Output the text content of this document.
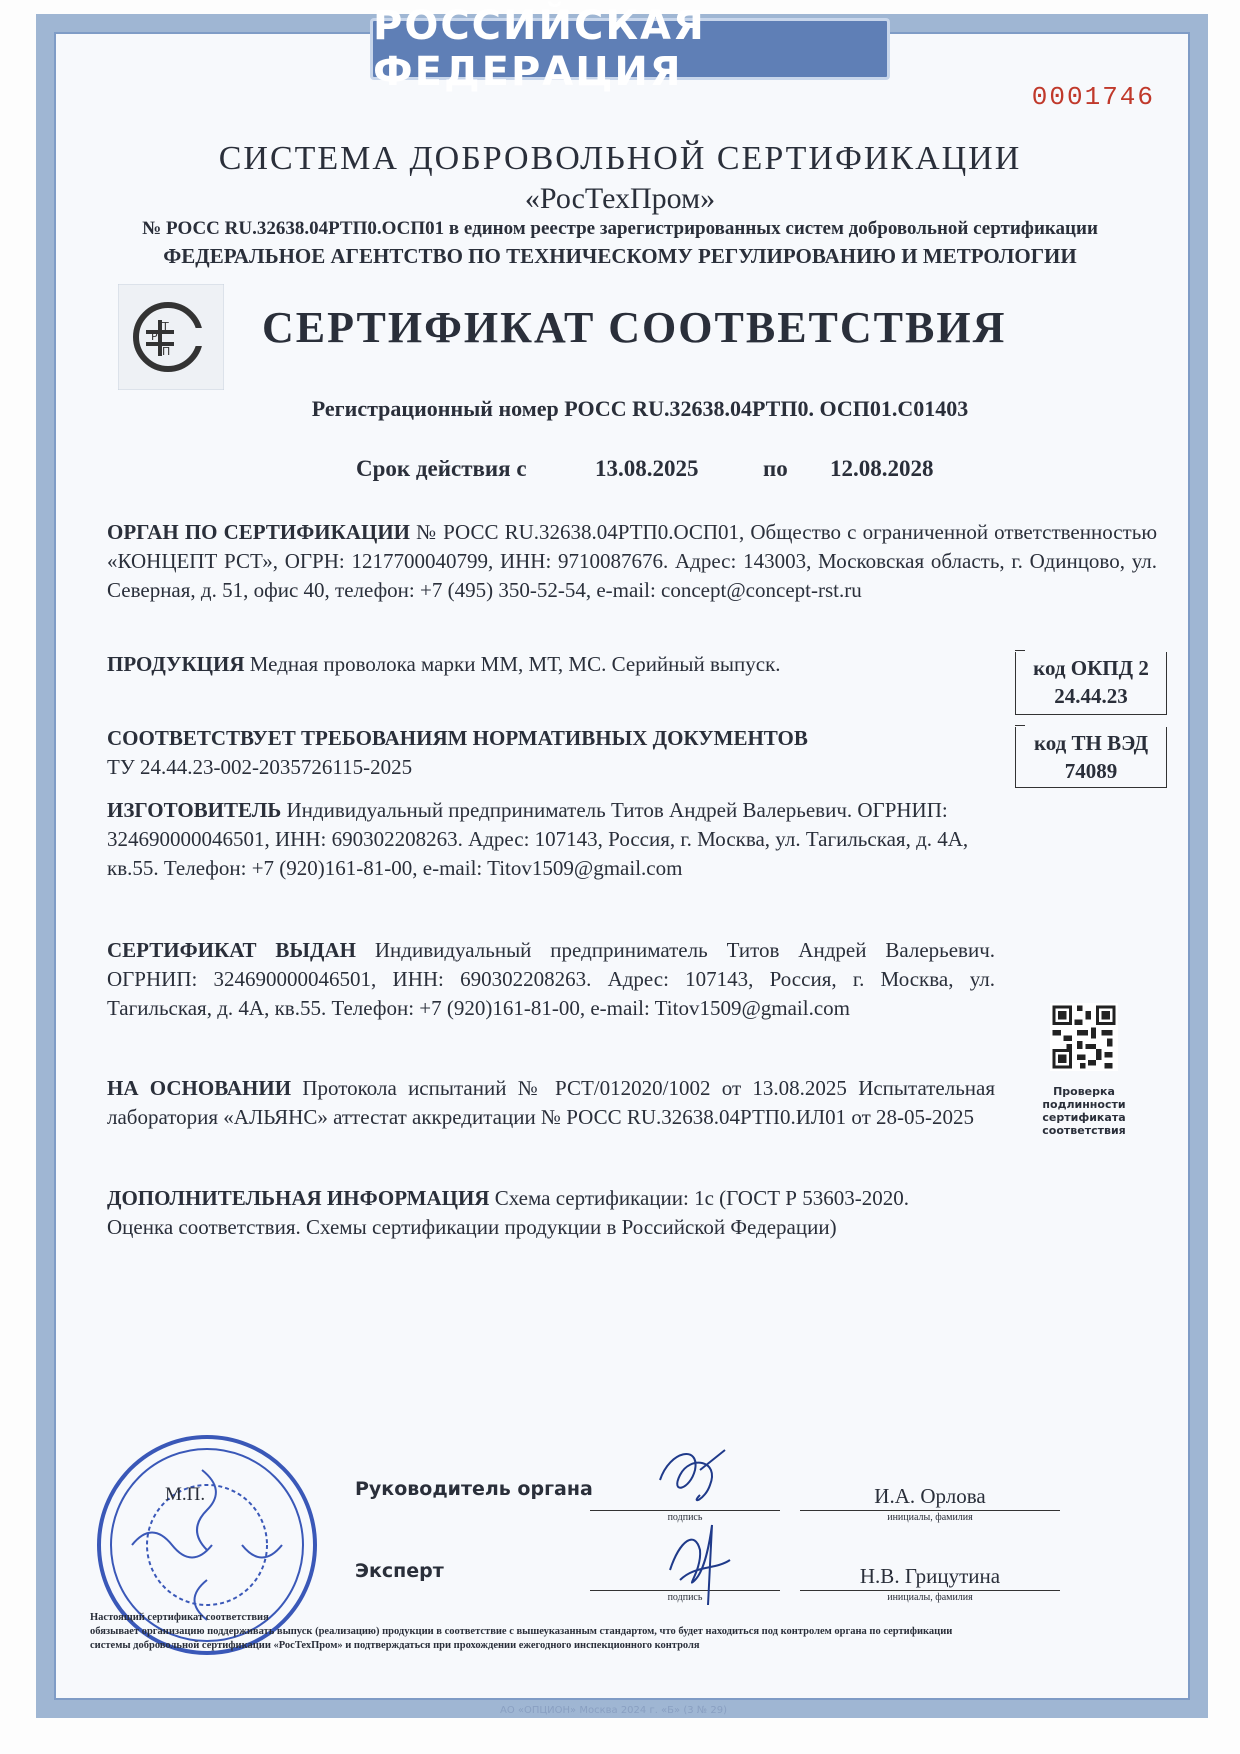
РОССИЙСКАЯ ФЕДЕРАЦИЯ
0001746
СИСТЕМА ДОБРОВОЛЬНОЙ СЕРТИФИКАЦИИ
«РосТехПром»
№ РОСС RU.32638.04РТП0.ОСП01 в едином реестре зарегистрированных систем добровольной сертификации
ФЕДЕРАЛЬНОЕ АГЕНТСТВО ПО ТЕХНИЧЕСКОМУ РЕГУЛИРОВАНИЮ И МЕТРОЛОГИИ
Р
П
Т СЕРТИФИКАТ СООТВЕТСТВИЯ
Регистрационный номер РОСС RU.32638.04РТП0. ОСП01.С01403
Срок действия с	13.08.2025	по 12.08.2028
ОРГАН ПО СЕРТИФИКАЦИИ № РОСС RU.32638.04РТП0.ОСП01, Общество с ограниченной ответственностью «КОНЦЕПТ РСТ», ОГРН: 1217700040799, ИНН: 9710087676. Адрес: 143003, Московская область, г. Одинцово, ул. Северная, д. 51, офис 40, телефон: +7 (495) 350-52-54, e-mail: concept@concept-rst.ru
ПРОДУКЦИЯ Медная проволока марки ММ, МТ, МС. Серийный выпуск.	код ОКПД 2
24.44.23
СООТВЕТСТВУЕТ ТРЕБОВАНИЯМ НОРМАТИВНЫХ ДОКУМЕНТОВ
ТУ 24.44.23-002-2035726115-2025
код ТН ВЭД
74089
ИЗГОТОВИТЕЛЬ Индивидуальный предприниматель Титов Андрей Валерьевич. ОГРНИП: 324690000046501, ИНН: 690302208263. Адрес: 107143, Россия, г. Москва, ул. Тагильская, д. 4А, кв.55. Телефон: +7 (920)161-81-00, e-mail: Titov1509@gmail.com
СЕРТИФИКАТ ВЫДАН Индивидуальный предприниматель Титов Андрей Валерьевич. ОГРНИП: 324690000046501, ИНН: 690302208263. Адрес: 107143, Россия, г. Москва, ул. Тагильская, д. 4А, кв.55. Телефон: +7 (920)161-81-00, e-mail: Titov1509@gmail.com
НА ОСНОВАНИИ Протокола испытаний № РСТ/012020/1002 от 13.08.2025 Испытательная лаборатория «АЛЬЯНС» аттестат аккредитации № РОСС RU.32638.04РТП0.ИЛ01 от 28-05-2025
ДОПОЛНИТЕЛЬНАЯ ИНФОРМАЦИЯ Схема сертификации: 1с (ГОСТ Р 53603-2020. Оценка соответствия. Схемы сертификации продукции в Российской Федерации)
Проверка подлинности сертификата соответствия
М.П.	Руководитель органа
подпись
И.А. Орлова
инициалы, фамилия
Эксперт
подпись
Н.В. Грицутина
инициалы, фамилия
Настоящий сертификат соответствия
обязывает организацию поддерживать выпуск (реализацию) продукции в соответствие с вышеуказанным стандартом, что будет находиться под контролем органа по сертификации
системы добровольной сертификации «РосТехПром» и подтверждаться при прохождении ежегодного инспекционного контроля
АО «ОПЦИОН» Москва 2024 г. «Б» (3 № 29)
